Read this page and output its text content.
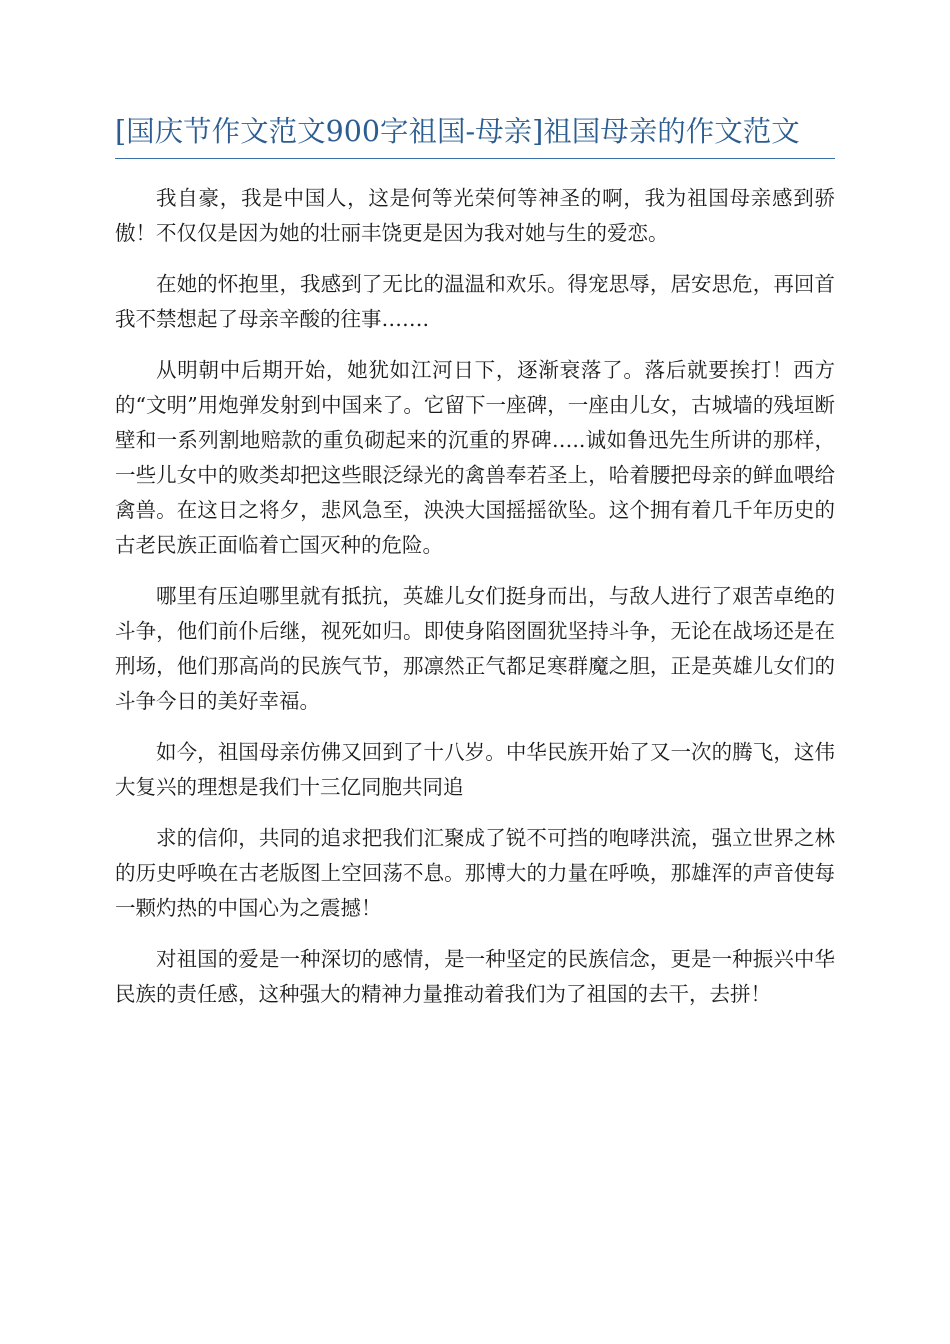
[国庆节作文范文900字祖国-母亲]祖国母亲的作文范文

我自豪，我是中国人，这是何等光荣何等神圣的啊，我为祖国母亲感到骄傲！不仅仅是因为她的壮丽丰饶更是因为我对她与生的爱恋。

在她的怀抱里，我感到了无比的温温和欢乐。得宠思辱，居安思危，再回首我不禁想起了母亲辛酸的往事…….

从明朝中后期开始，她犹如江河日下，逐渐衰落了。落后就要挨打！西方的“文明”用炮弹发射到中国来了。它留下一座碑，一座由儿女，古城墙的残垣断壁和一系列割地赔款的重负砌起来的沉重的界碑…..诚如鲁迅先生所讲的那样，一些儿女中的败类却把这些眼泛绿光的禽兽奉若圣上，哈着腰把母亲的鲜血喂给禽兽。在这日之将夕，悲风急至，泱泱大国摇摇欲坠。这个拥有着几千年历史的古老民族正面临着亡国灭种的危险。

哪里有压迫哪里就有抵抗，英雄儿女们挺身而出，与敌人进行了艰苦卓绝的斗争，他们前仆后继，视死如归。即使身陷囹圄犹坚持斗争，无论在战场还是在刑场，他们那高尚的民族气节，那凛然正气都足寒群魔之胆，正是英雄儿女们的斗争今日的美好幸福。

如今，祖国母亲仿佛又回到了十八岁。中华民族开始了又一次的腾飞，这伟大复兴的理想是我们十三亿同胞共同追

求的信仰，共同的追求把我们汇聚成了锐不可挡的咆哮洪流，强立世界之林的历史呼唤在古老版图上空回荡不息。那博大的力量在呼唤，那雄浑的声音使每一颗灼热的中国心为之震撼！

对祖国的爱是一种深切的感情，是一种坚定的民族信念，更是一种振兴中华民族的责任感，这种强大的精神力量推动着我们为了祖国的去干，去拼！
